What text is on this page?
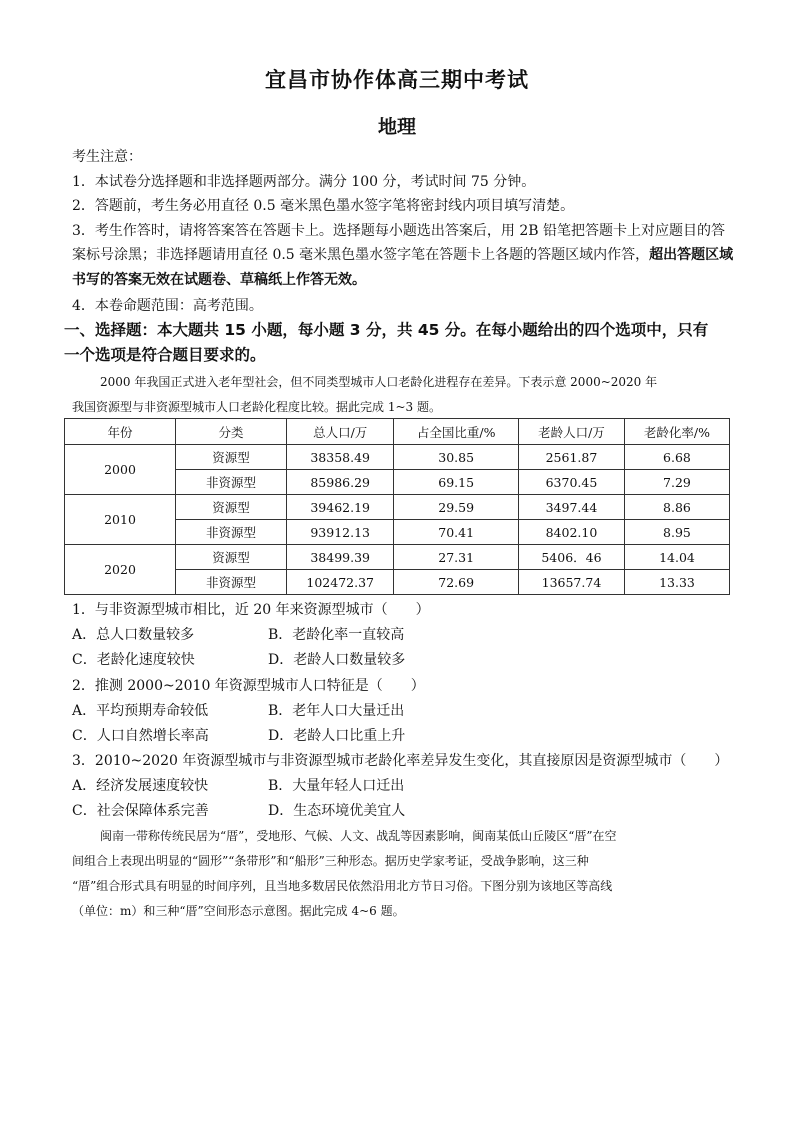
宜昌市协作体高三期中考试
地理
考生注意：
1．本试卷分选择题和非选择题两部分。满分 100 分，考试时间 75 分钟。
2．答题前，考生务必用直径 0.5 毫米黑色墨水签字笔将密封线内项目填写清楚。
3．考生作答时，请将答案答在答题卡上。选择题每小题选出答案后，用 2B 铅笔把答题卡上对应题目的答
案标号涂黑；非选择题请用直径 0.5 毫米黑色墨水签字笔在答题卡上各题的答题区域内作答，超出答题区域
书写的答案无效在试题卷、草稿纸上作答无效。
4．本卷命题范围：高考范围。
一、选择题：本大题共 15 小题，每小题 3 分，共 45 分。在每小题给出的四个选项中，只有
一个选项是符合题目要求的。
2000 年我国正式进入老年型社会，但不同类型城市人口老龄化进程存在差异。下表示意 2000~2020 年
我国资源型与非资源型城市人口老龄化程度比较。据此完成 1~3 题。
年份	分类	总人口/万	占全国比重/%	老龄人口/万	老龄化率/%
2000	资源型	38358.49	30.85	2561.87	6.68
	非资源型	85986.29	69.15	6370.45	7.29
2010	资源型	39462.19	29.59	3497.44	8.86
	非资源型	93912.13	70.41	8402.10	8.95
2020	资源型	38499.39	27.31	5406．46	14.04
	非资源型	102472.37	72.69	13657.74	13.33
1．与非资源型城市相比，近 20 年来资源型城市（　　）
A．总人口数量较多	B．老龄化率一直较高
C．老龄化速度较快	D．老龄人口数量较多
2．推测 2000~2010 年资源型城市人口特征是（　　）
A．平均预期寿命较低	B．老年人口大量迁出
C．人口自然增长率高	D．老龄人口比重上升
3．2010~2020 年资源型城市与非资源型城市老龄化率差异发生变化，其直接原因是资源型城市（　　）
A．经济发展速度较快	B．大量年轻人口迁出
C．社会保障体系完善	D．生态环境优美宜人
闽南一带称传统民居为“厝”，受地形、气候、人文、战乱等因素影响，闽南某低山丘陵区“厝”在空
间组合上表现出明显的“圆形”“条带形”和“船形”三种形态。据历史学家考证，受战争影响，这三种
“厝”组合形式具有明显的时间序列，且当地多数居民依然沿用北方节日习俗。下图分别为该地区等高线
（单位：m）和三种“厝”空间形态示意图。据此完成 4~6 题。
